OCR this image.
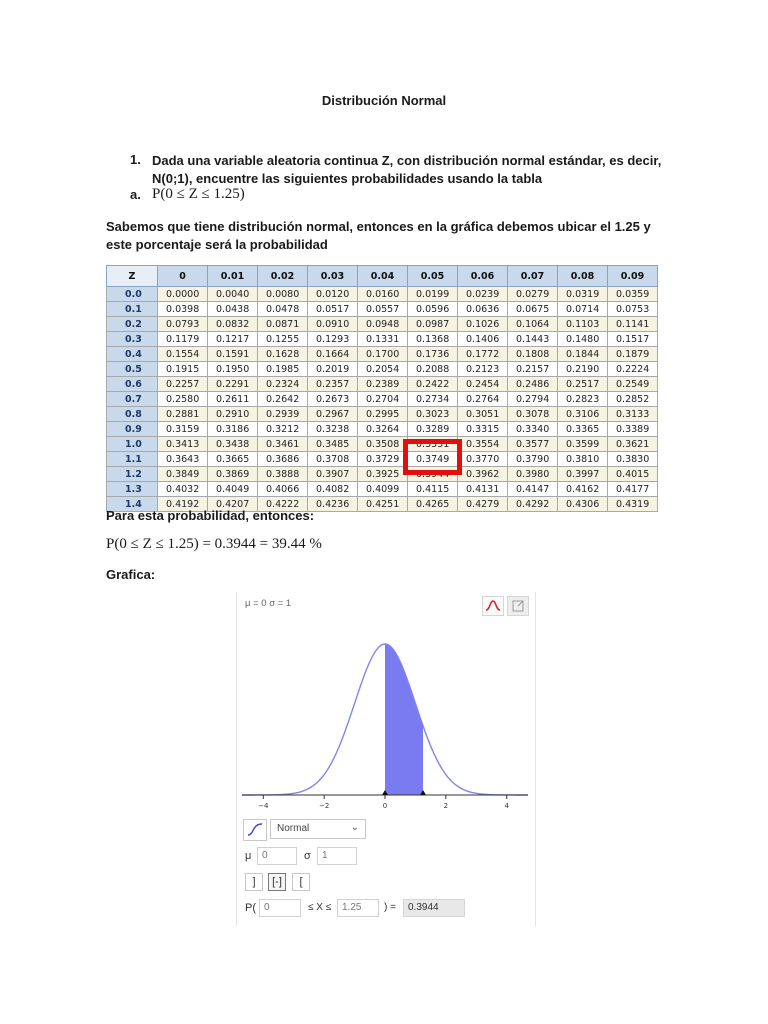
Distribución Normal
1. Dada una variable aleatoria continua Z, con distribución normal estándar, es decir, N(0;1), encuentre las siguientes probabilidades usando la tabla
a. P(0 ≤ Z ≤ 1.25)
Sabemos que tiene distribución normal, entonces en la gráfica debemos ubicar el 1.25 y este porcentaje será la probabilidad
Z	0	0.01	0.02	0.03	0.04	0.05	0.06	0.07	0.08	0.09
0.0	0.0000	0.0040	0.0080	0.0120	0.0160	0.0199	0.0239	0.0279	0.0319	0.0359
0.1	0.0398	0.0438	0.0478	0.0517	0.0557	0.0596	0.0636	0.0675	0.0714	0.0753
0.2	0.0793	0.0832	0.0871	0.0910	0.0948	0.0987	0.1026	0.1064	0.1103	0.1141
0.3	0.1179	0.1217	0.1255	0.1293	0.1331	0.1368	0.1406	0.1443	0.1480	0.1517
0.4	0.1554	0.1591	0.1628	0.1664	0.1700	0.1736	0.1772	0.1808	0.1844	0.1879
0.5	0.1915	0.1950	0.1985	0.2019	0.2054	0.2088	0.2123	0.2157	0.2190	0.2224
0.6	0.2257	0.2291	0.2324	0.2357	0.2389	0.2422	0.2454	0.2486	0.2517	0.2549
0.7	0.2580	0.2611	0.2642	0.2673	0.2704	0.2734	0.2764	0.2794	0.2823	0.2852
0.8	0.2881	0.2910	0.2939	0.2967	0.2995	0.3023	0.3051	0.3078	0.3106	0.3133
0.9	0.3159	0.3186	0.3212	0.3238	0.3264	0.3289	0.3315	0.3340	0.3365	0.3389
1.0	0.3413	0.3438	0.3461	0.3485	0.3508	0.3531	0.3554	0.3577	0.3599	0.3621
1.1	0.3643	0.3665	0.3686	0.3708	0.3729	0.3749	0.3770	0.3790	0.3810	0.3830
1.2	0.3849	0.3869	0.3888	0.3907	0.3925	0.3944	0.3962	0.3980	0.3997	0.4015
1.3	0.4032	0.4049	0.4066	0.4082	0.4099	0.4115	0.4131	0.4147	0.4162	0.4177
1.4	0.4192	0.4207	0.4222	0.4236	0.4251	0.4265	0.4279	0.4292	0.4306	0.4319
Para esta probabilidad, entonces:
P(0 ≤ Z ≤ 1.25) = 0.3944 = 39.44 %
Grafica:
μ = 0 σ = 1
−4	−2	0	2	4
Normal	⌄
μ	0	σ	1
]	[-]	[
P( 0	≤ X ≤	1.25	) =	0.3944
